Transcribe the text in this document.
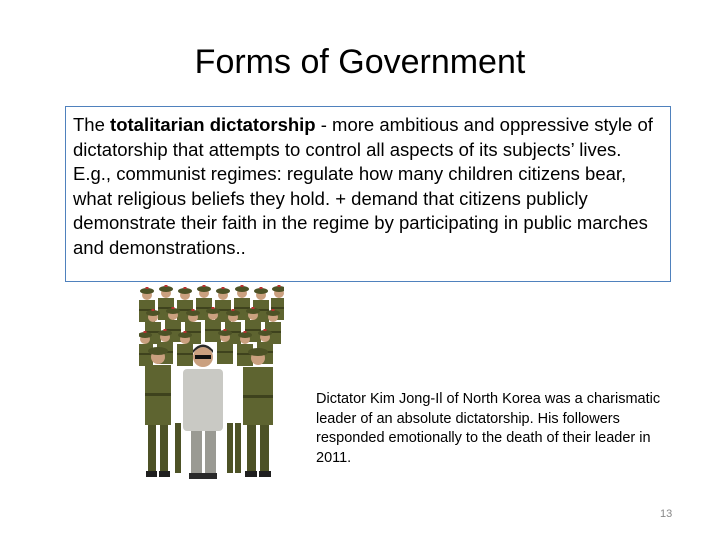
Forms of Government
The totalitarian dictatorship - more ambitious and oppressive style of dictatorship that attempts to control all aspects of its subjects’ lives.
E.g., communist regimes: regulate how many children citizens bear, what religious beliefs they hold. + demand that citizens publicly demonstrate their faith in the regime by participating in public marches and demonstrations..
Dictator Kim Jong-Il of North Korea was a charismatic leader of an absolute dictatorship. His followers responded emotionally to the death of their leader in 2011.
13
